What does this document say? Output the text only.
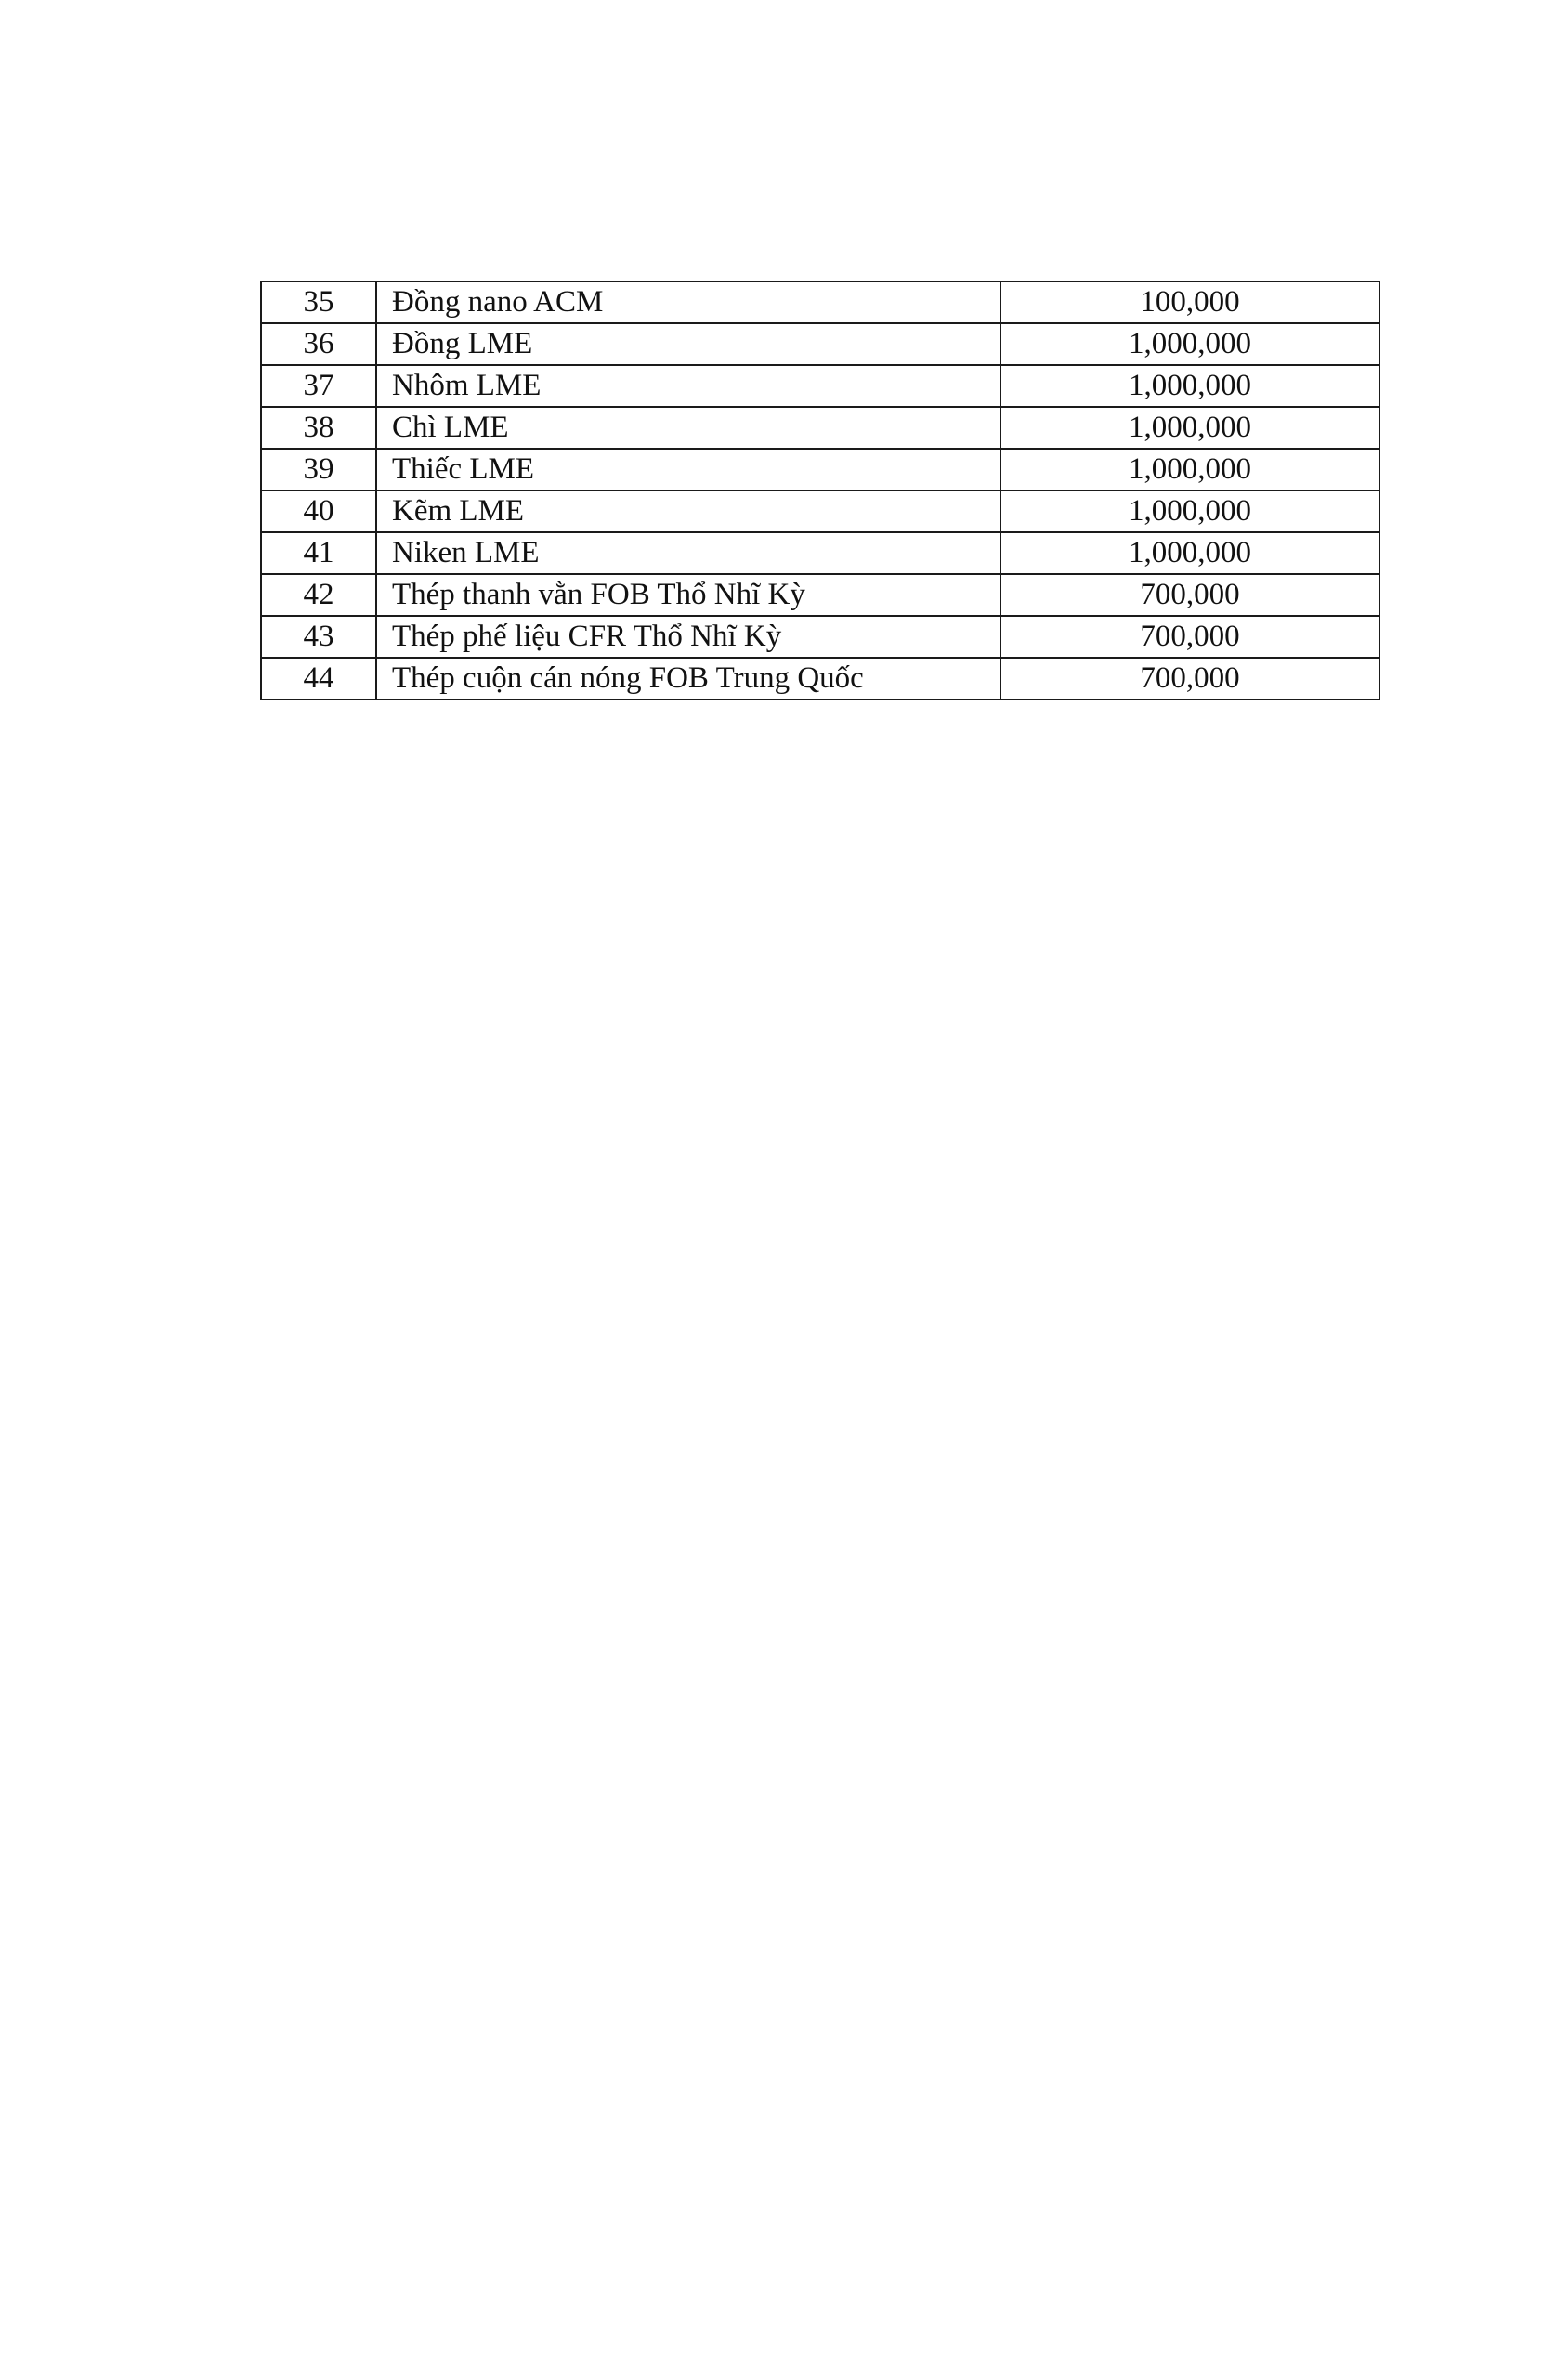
35	Đồng nano ACM	100,000
36	Đồng LME	1,000,000
37	Nhôm LME	1,000,000
38	Chì LME	1,000,000
39	Thiếc LME	1,000,000
40	Kẽm LME	1,000,000
41	Niken LME	1,000,000
42	Thép thanh vằn FOB Thổ Nhĩ Kỳ	700,000
43	Thép phế liệu CFR Thổ Nhĩ Kỳ	700,000
44	Thép cuộn cán nóng FOB Trung Quốc	700,000
